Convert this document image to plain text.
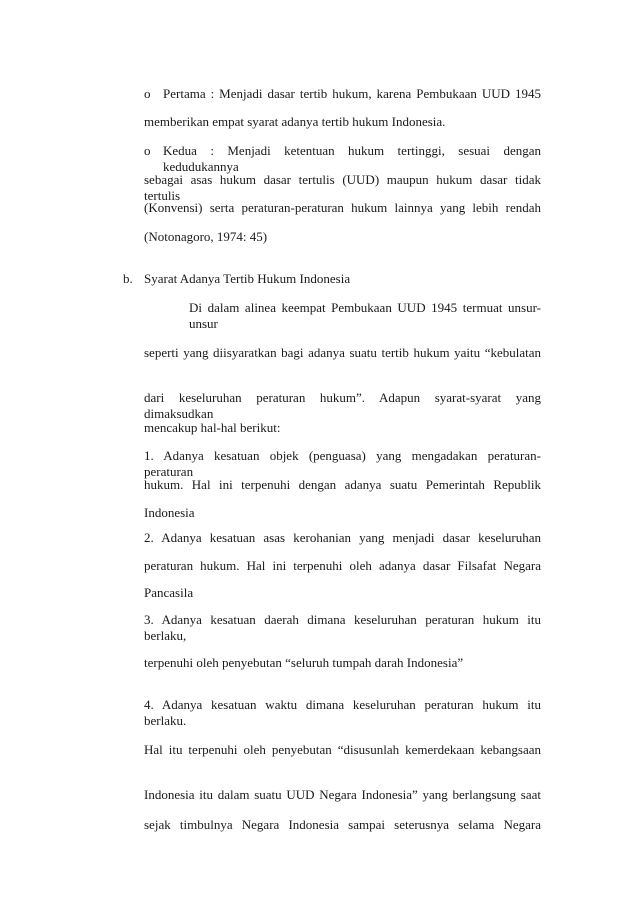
o Pertama : Menjadi dasar tertib hukum, karena Pembukaan UUD 1945
memberikan empat syarat adanya tertib hukum Indonesia.
o Kedua : Menjadi ketentuan hukum tertinggi, sesuai dengan kedudukannya
sebagai asas hukum dasar tertulis (UUD) maupun hukum dasar tidak tertulis
(Konvensi) serta peraturan-peraturan hukum lainnya yang lebih rendah
(Notonagoro, 1974: 45)
b. Syarat Adanya Tertib Hukum Indonesia
Di dalam alinea keempat Pembukaan UUD 1945 termuat unsur-unsur
seperti yang diisyaratkan bagi adanya suatu tertib hukum yaitu “kebulatan
dari keseluruhan peraturan hukum”. Adapun syarat-syarat yang dimaksudkan
mencakup hal-hal berikut:
1. Adanya kesatuan objek (penguasa) yang mengadakan peraturan-peraturan
hukum. Hal ini terpenuhi dengan adanya suatu Pemerintah Republik
Indonesia
2. Adanya kesatuan asas kerohanian yang menjadi dasar keseluruhan
peraturan hukum. Hal ini terpenuhi oleh adanya dasar Filsafat Negara
Pancasila
3. Adanya kesatuan daerah dimana keseluruhan peraturan hukum itu berlaku,
terpenuhi oleh penyebutan “seluruh tumpah darah Indonesia”
4. Adanya kesatuan waktu dimana keseluruhan peraturan hukum itu berlaku.
Hal itu terpenuhi oleh penyebutan “disusunlah kemerdekaan kebangsaan
Indonesia itu dalam suatu UUD Negara Indonesia” yang berlangsung saat
sejak timbulnya Negara Indonesia sampai seterusnya selama Negara
